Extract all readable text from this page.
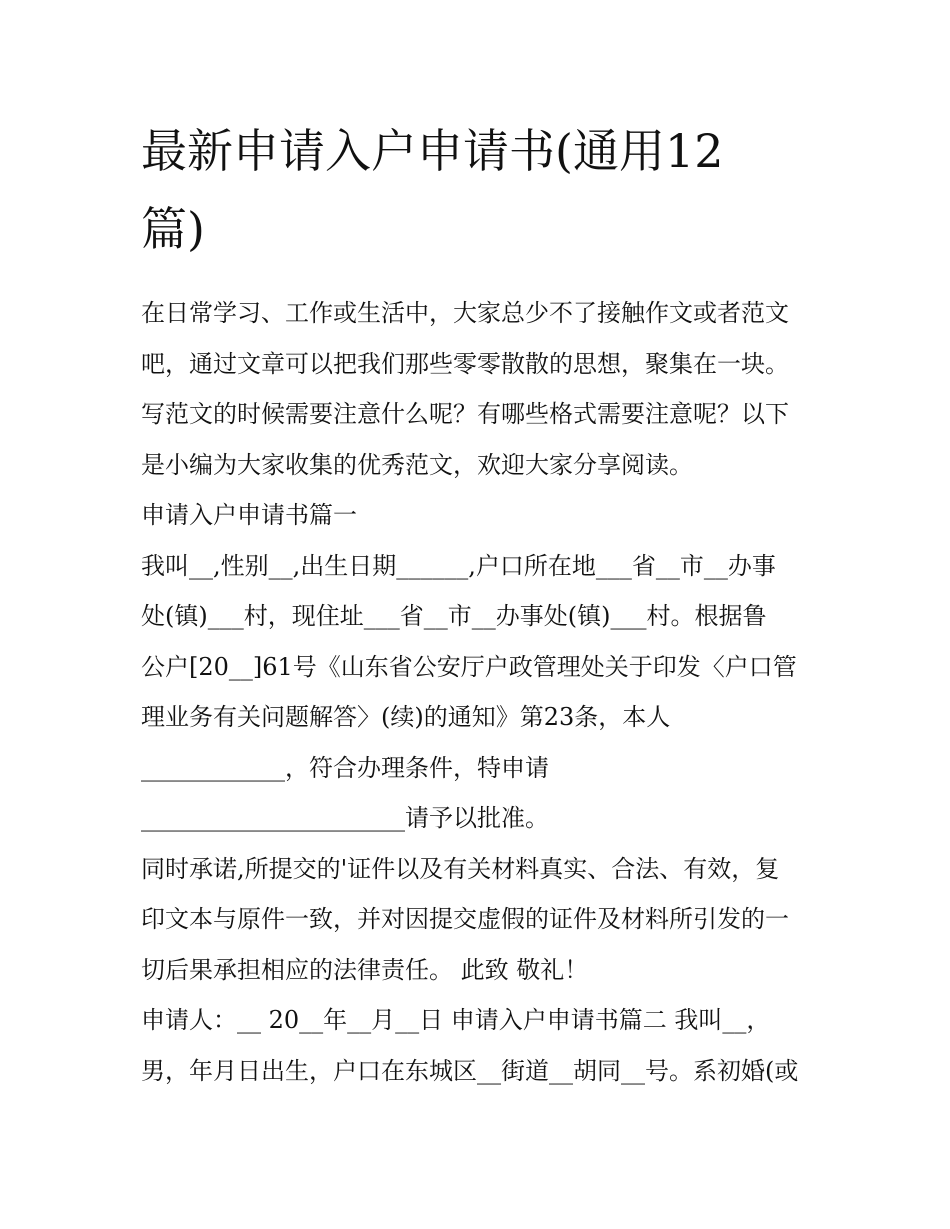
最新申请入户申请书(通用12
篇)
在日常学习、工作或生活中，大家总少不了接触作文或者范文
吧，通过文章可以把我们那些零零散散的思想，聚集在一块。
写范文的时候需要注意什么呢？有哪些格式需要注意呢？以下
是小编为大家收集的优秀范文，欢迎大家分享阅读。
申请入户申请书篇一
我叫__,性别__,出生日期______,户口所在地___省__市__办事
处(镇)___村，现住址___省__市__办事处(镇)___村。根据鲁
公户[20__]61号《山东省公安厅户政管理处关于印发〈户口管
理业务有关问题解答〉(续)的通知》第23条，本人
____________，符合办理条件，特申请
______________________请予以批准。
同时承诺,所提交的'证件以及有关材料真实、合法、有效，复
印文本与原件一致，并对因提交虚假的证件及材料所引发的一
切后果承担相应的法律责任。 此致 敬礼！
申请人：__ 20__年__月__日 申请入户申请书篇二 我叫__，
男，年月日出生，户口在东城区__街道__胡同__号。系初婚(或
